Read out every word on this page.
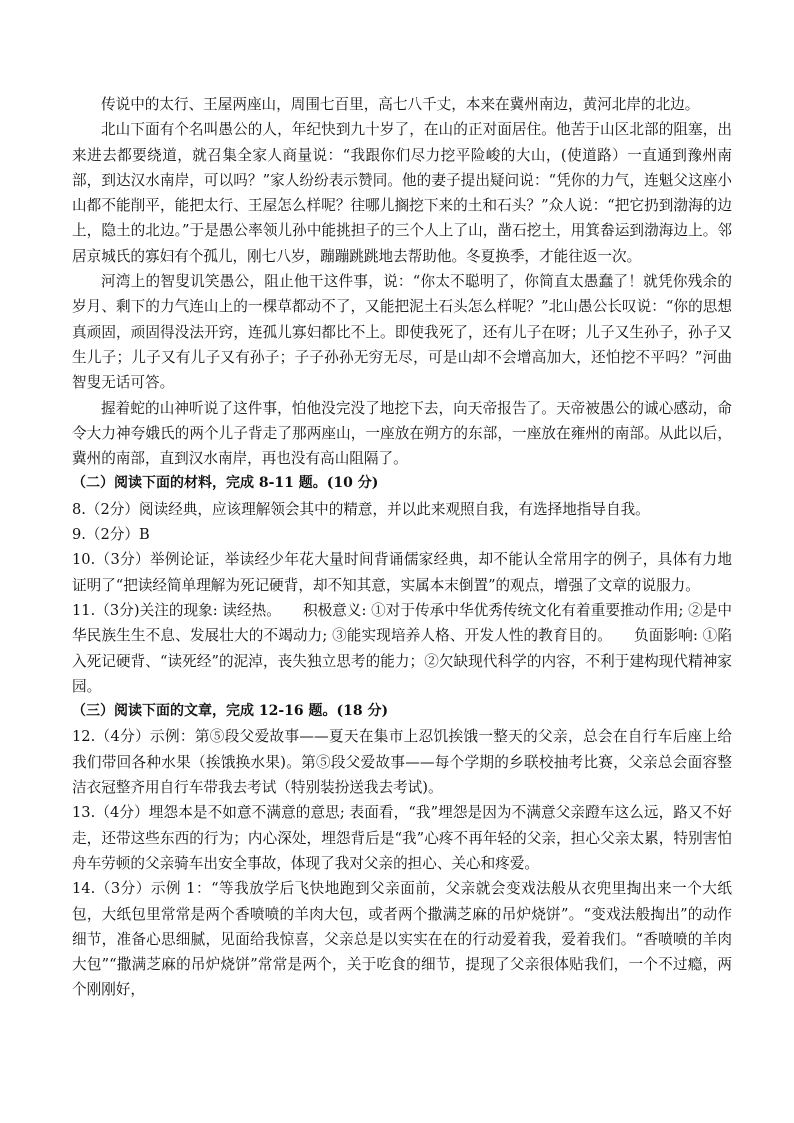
传说中的太行、王屋两座山，周围七百里，高七八千丈，本来在冀州南边，黄河北岸的北边。

北山下面有个名叫愚公的人，年纪快到九十岁了，在山的正对面居住。他苦于山区北部的阻塞，出来进去都要绕道，就召集全家人商量说：“我跟你们尽力挖平险峻的大山，(使道路）一直通到豫州南部，到达汉水南岸，可以吗？”家人纷纷表示赞同。他的妻子提出疑问说：“凭你的力气，连魁父这座小山都不能削平，能把太行、王屋怎么样呢？往哪儿搁挖下来的土和石头？”众人说：“把它扔到渤海的边上，隐土的北边。”于是愚公率领儿孙中能挑担子的三个人上了山，凿石挖土，用箕畚运到渤海边上。邻居京城氏的寡妇有个孤儿，刚七八岁，蹦蹦跳跳地去帮助他。冬夏换季，才能往返一次。

河湾上的智叟讥笑愚公，阻止他干这件事，说：“你太不聪明了，你简直太愚蠢了！就凭你残余的岁月、剩下的力气连山上的一棵草都动不了，又能把泥土石头怎么样呢？”北山愚公长叹说：“你的思想真顽固，顽固得没法开窍，连孤儿寡妇都比不上。即使我死了，还有儿子在呀；儿子又生孙子，孙子又生儿子；儿子又有儿子又有孙子；子子孙孙无穷无尽，可是山却不会增高加大，还怕挖不平吗？”河曲智叟无话可答。

握着蛇的山神听说了这件事，怕他没完没了地挖下去，向天帝报告了。天帝被愚公的诚心感动，命令大力神夸娥氏的两个儿子背走了那两座山，一座放在朔方的东部，一座放在雍州的南部。从此以后，冀州的南部，直到汉水南岸，再也没有高山阻隔了。

（二）阅读下面的材料，完成 8-11 题。(10 分)

8.（2分）阅读经典，应该理解领会其中的精意，并以此来观照自我，有选择地指导自我。

9.（2分）B

10.（3分）举例论证，举读经少年花大量时间背诵儒家经典，却不能认全常用字的例子，具体有力地证明了“把读经简单理解为死记硬背，却不知其意，实属本末倒置”的观点，增强了文章的说服力。

11.（3分)关注的现象: 读经热。 积极意义: ①对于传承中华优秀传统文化有着重要推动作用; ②是中华民族生生不息、发展壮大的不竭动力; ③能实现培养人格、开发人性的教育目的。 负面影响: ①陷入死记硬背、“读死经”的泥淖，丧失独立思考的能力；②欠缺现代科学的内容，不利于建构现代精神家园。

（三）阅读下面的文章，完成 12-16 题。(18 分)

12.（4分）示例：第⑤段父爱故事——夏天在集市上忍饥挨饿一整天的父亲，总会在自行车后座上给我们带回各种水果（挨饿换水果)。第⑤段父爱故事——每个学期的乡联校抽考比赛，父亲总会面容整洁衣冠整齐用自行车带我去考试（特别装扮送我去考试)。

13.（4分）埋怨本是不如意不满意的意思; 表面看，“我”埋怨是因为不满意父亲蹬车这么远，路又不好走，还带这些东西的行为；内心深处，埋怨背后是“我”心疼不再年轻的父亲，担心父亲太累，特别害怕舟车劳顿的父亲骑车出安全事故，体现了我对父亲的担心、关心和疼爱。

14.（3分）示例 1：“等我放学后飞快地跑到父亲面前，父亲就会变戏法般从衣兜里掏出来一个大纸包，大纸包里常常是两个香喷喷的羊肉大包，或者两个撒满芝麻的吊炉烧饼”。“变戏法般掏出”的动作细节，准备心思细腻，见面给我惊喜，父亲总是以实实在在的行动爱着我，爱着我们。“香喷喷的羊肉大包”“撒满芝麻的吊炉烧饼”常常是两个，关于吃食的细节，提现了父亲很体贴我们，一个不过瘾，两个刚刚好，
